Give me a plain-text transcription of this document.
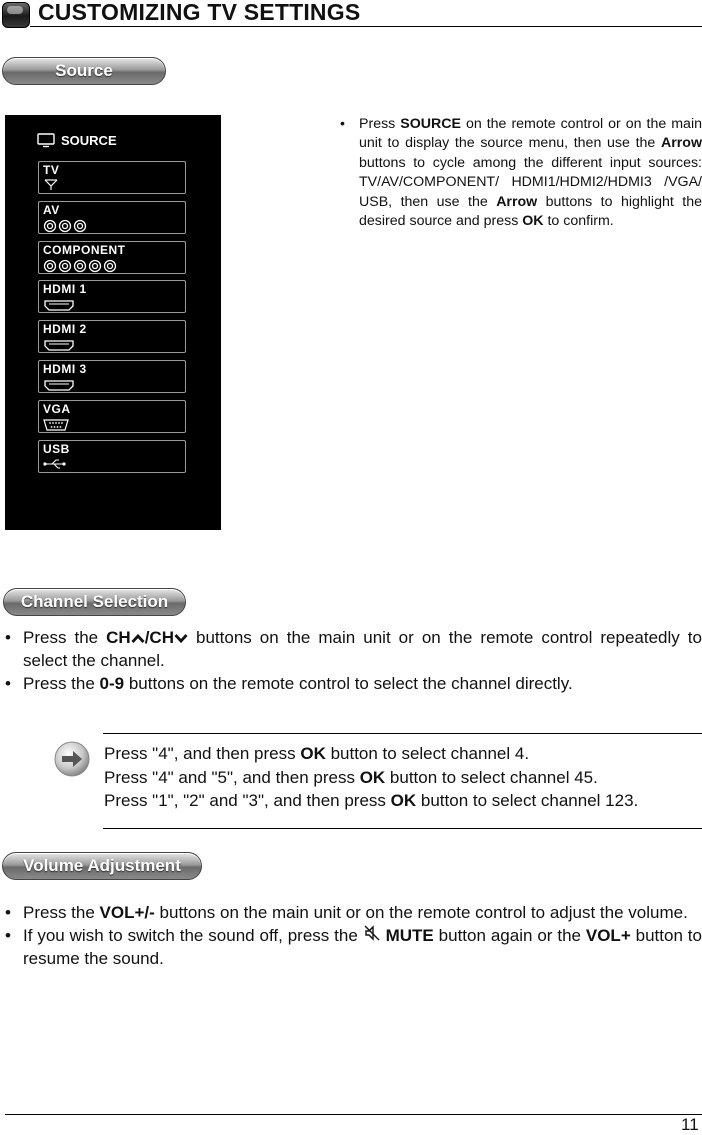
CUSTOMIZING TV SETTINGS
Source
SOURCE
TV
AV
COMPONENT
HDMI 1
HDMI 2
HDMI 3
VGA
USB
• Press SOURCE on the remote control or on the main unit to display the source menu, then use the Arrow buttons to cycle among the different input sources: TV/AV/COMPONENT/ HDMI1/HDMI2/HDMI3 /VGA/ USB, then use the Arrow buttons to highlight the desired source and press OK to confirm.
Channel Selection
• Press the CH /CH buttons on the main unit or on the remote control repeatedly to select the channel.
• Press the 0-9 buttons on the remote control to select the channel directly.
Press "4", and then press OK button to select channel 4.
Press "4" and "5", and then press OK button to select channel 45.
Press "1", "2" and "3", and then press OK button to select channel 123.
Volume Adjustment
• Press the VOL+/- buttons on the main unit or on the remote control to adjust the volume.
• If you wish to switch the sound off, press the  MUTE button again or the VOL+ button to resume the sound.
11
